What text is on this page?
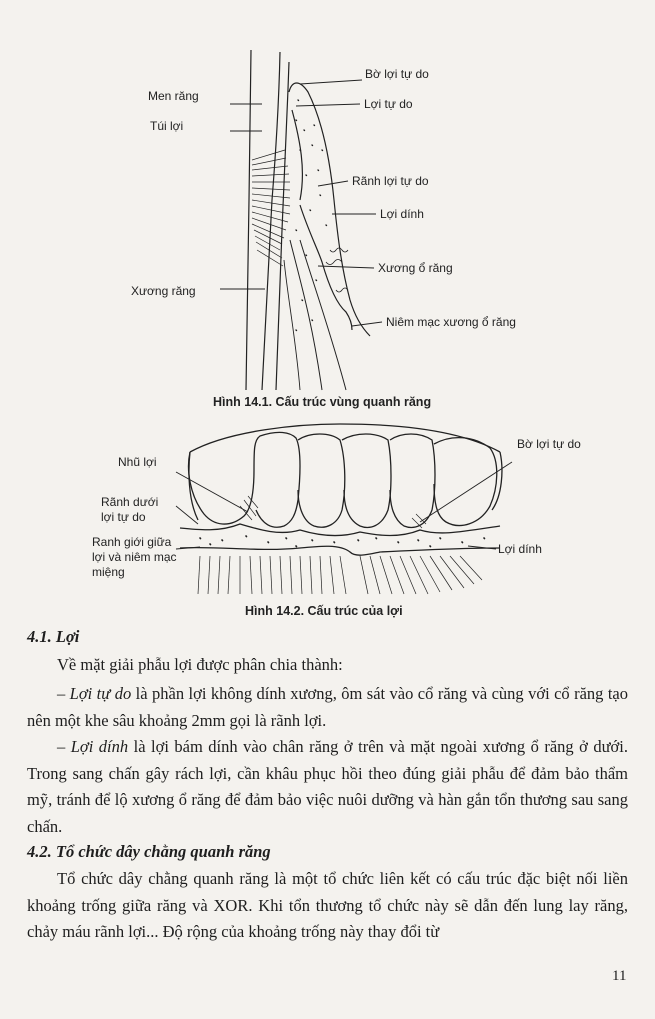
Men răng
Túi lợi
Xương răng
Bờ lợi tự do
Lợi tự do
Rãnh lợi tự do
Lợi dính
Xương ổ răng
Niêm mạc xương ổ răng
Hình 14.1. Cấu trúc vùng quanh răng
Nhũ lợi
Rãnh dưới
lợi tự do
Ranh giới giữa
lợi và niêm mạc
miệng
Bờ lợi tự do
Lợi dính
Hình 14.2. Cấu trúc của lợi
4.1. Lợi
Về mặt giải phẫu lợi được phân chia thành:
– Lợi tự do là phần lợi không dính xương, ôm sát vào cổ răng và cùng với cổ răng tạo nên một khe sâu khoảng 2mm gọi là rãnh lợi.
– Lợi dính là lợi bám dính vào chân răng ở trên và mặt ngoài xương ổ răng ở dưới. Trong sang chấn gây rách lợi, cần khâu phục hồi theo đúng giải phẫu để đảm bảo thẩm mỹ, tránh để lộ xương ổ răng để đảm bảo việc nuôi dưỡng và hàn gắn tổn thương sau sang chấn.
4.2. Tổ chức dây chằng quanh răng
Tổ chức dây chằng quanh răng là một tổ chức liên kết có cấu trúc đặc biệt nối liền khoảng trống giữa răng và XOR. Khi tổn thương tổ chức này sẽ dẫn đến lung lay răng, chảy máu rãnh lợi... Độ rộng của khoảng trống này thay đổi từ
11
